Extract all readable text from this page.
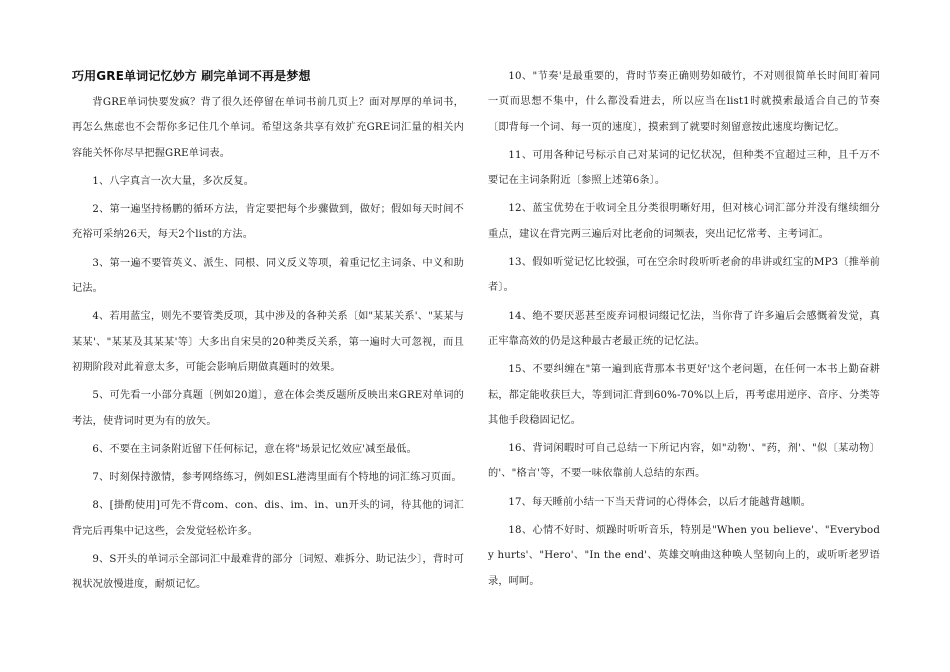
巧用GRE单词记忆妙方 刷完单词不再是梦想

背GRE单词快要发疯？背了很久还停留在单词书前几页上？面对厚厚的单词书，再怎么焦虑也不会帮你多记住几个单词。希望这条共享有效扩充GRE词汇量的相关内容能关怀你尽早把握GRE单词表。

1、八字真言一次大量，多次反复。

2、第一遍坚持杨鹏的循环方法，肯定要把每个步骤做到，做好；假如每天时间不充裕可采纳26天，每天2个list的方法。

3、第一遍不要管英义、派生、同根、同义反义等项，着重记忆主词条、中义和助记法。

4、若用蓝宝，则先不要管类反项，其中涉及的各种关系〔如"某某关系'、"某某与某某'、"某某及其某某'等〕大多出自宋昊的20种类反关系，第一遍时大可忽视，而且初期阶段对此着意太多，可能会影响后期做真题时的效果。

5、可先看一小部分真题〔例如20道〕，意在体会类反题所反映出来GRE对单词的考法，使背词时更为有的放矢。

6、不要在主词条附近留下任何标记，意在将"场景记忆效应'减至最低。

7、时刻保持激情，参考网络练习，例如ESL港湾里面有个特地的词汇练习页面。

8、[掛酌使用]可先不背com、con、dis、im、in、un开头的词，待其他的词汇背完后再集中记这些，会发觉轻松许多。

9、S开头的单词示全部词汇中最难背的部分〔词短、难拆分、助记法少〕，背时可视状况放慢进度，耐烦记忆。

10、"节奏'是最重要的，背时节奏正确则势如破竹，不对则很简单长时间盯着同一页而思想不集中，什么都没看进去，所以应当在list1时就摸索最适合自己的节奏〔即背每一个词、每一页的速度〕，摸索到了就要时刻留意按此速度均衡记忆。

11、可用各种记号标示自己对某词的记忆状况，但种类不宜超过三种，且千万不要记在主词条附近〔参照上述第6条〕。

12、蓝宝优势在于收词全且分类很明晰好用，但对核心词汇部分并没有继续细分重点，建议在背完两三遍后对比老俞的词频表，突出记忆常考、主考词汇。

13、假如听觉记忆比较强，可在空余时段听听老俞的串讲或红宝的MP3〔推举前者〕。

14、绝不要厌恶甚至废弃词根词缀记忆法，当你背了许多遍后会感慨着发觉，真正牢靠高效的仍是这种最古老最正统的记忆法。

15、不要纠缠在"第一遍到底背那本书更好'这个老问题，在任何一本书上勤奋耕耘，都定能收获巨大，等到词汇背到60%-70%以上后，再考虑用逆序、音序、分类等其他手段稳固记忆。

16、背词闲暇时可自己总结一下所记内容，如"动物'、"药，剂'、"似〔某动物〕的'、"格言'等，不要一味依靠前人总结的东西。

17、每天睡前小结一下当天背词的心得体会，以后才能越背越顺。

18、心情不好时、烦躁时听听音乐，特别是"When you believe'、"Everybody hurts'、"Hero'、"In the end'、英雄交响曲这种唤人坚韧向上的，或听听老罗语录，呵呵。
